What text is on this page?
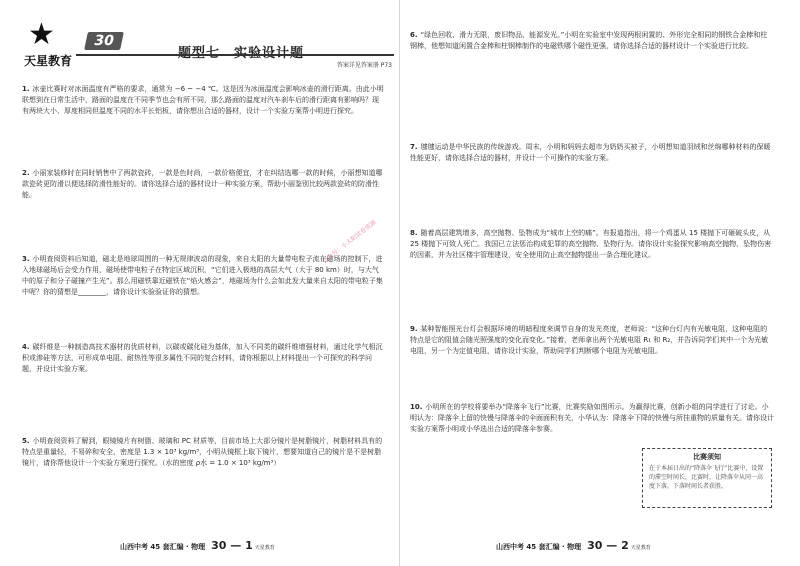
★
天星教育
30
答案详见答案册 P73
1. 冰壶比赛时对冰面温度有严格的要求，通常为 −6 ~ −4 ℃。这是因为冰面温度会影响冰壶的滑行距离。由此小明联想到在日常生活中，路面的温度在不同季节也会有所不同，那么路面的温度对汽车刹车后的滑行距离有影响吗？现有两块大小、厚度相同但温度不同的水平长铝板，请你想出合适的器材，设计一个实验方案帮小明进行探究。
2. 小丽家装修时在同时销售中了两款瓷砖，一款是色时尚，一款价格便宜，才在纠结选哪一款的时候，小丽想知道哪款瓷砖更防滑以便选择防滑性能好的。请你选择合适的器材设计一种实验方案，帮助小丽鉴别比较两款瓷砖的防滑性能。
3. 小明查阅资料后知道，磁北是地球周围的一种无规律波动的现象，来自太阳的大量带电粒子流在磁场的控制下，进入地球磁场后会受力作用，磁场使带电粒子在特定区域沉积，“它们进入极地的高层大气（大于 80 km）时，与大气中的原子和分子碰撞产生光”。那么用磁铁靠近磁铁在“焰火感会”，地磁场为什么会如此发大量来自太阳的带电粒子集中呢？你的猜想是________，请你设计实验验证你的猜想。
4. 碳纤维是一种制造高技术器材的优质材料，以碳或碳化硅为基体，加入不同类的碳纤维增强材料，通过化学气相沉积或渗硅等方法，可形成单电阻、耐热性等很多属性不同的复合材料，请你根据以上材料提出一个可探究的科学问题，并设计实验方案。
5. 小明查阅资料了解到，眼镜镜片有树脂、玻璃和 PC 材质等，目前市场上大部分镜片是树脂镜片，树脂材料具有的特点是重量轻，不易碎和安全，密度是 1.3 × 10³ kg/m³，小明从镜框上取下镜片，想要知道自己的镜片是不是树脂镜片，请你帮他设计一个实验方案进行探究。（水的密度 ρ水 = 1.0 × 10³ kg/m³）
山西中考 45 套汇编 · 物理 30 — 1 天星教育
公众号：小太阳试卷资源
6. “绿色回收、滑力无限，废旧物品、能源发光。”小明在实验室中发现两根闲置的、外形完全相同的钢铁合金棒和柱钢棒，他想知道闲置合金棒和柱钢棒制作的电磁铁哪个磁性更强，请你选择合适的器材设计一个实验进行比较。
7. 毽毽运动是中华民族的传统游戏。周末，小明和妈妈去超市为奶奶买被子，小明想知道羽绒和丝绵哪种材料的保暖性能更好，请你选择合适的器材，并设计一个可操作的实验方案。
8. 随着高层建筑增多，高空抛物、坠物成为“城市上空的痛”。有报道指出，将一个鸡蛋从 15 楼抛下可砸破头皮，从 25 楼抛下可致人死亡。我国已立法惩治构成犯罪的高空抛物、坠物行为。请你设计实验探究影响高空抛物、坠物伤害的因素，并为社区楼宇管理建设，安全使用防止高空抛物提出一条合理化建议。
9. 某种智能照光台灯会根据环境的明暗程度来调节自身的发光亮度，老师说：“这种台灯内有光敏电阻，这种电阻的特点是它的阻值会随光照强度的变化而变化。”接着，老师拿出两个光敏电阻 R₁ 和 R₂，并告诉同学们其中一个为光敏电阻，另一个为定值电阻，请你设计实验，帮助同学们判断哪个电阻为光敏电阻。
10. 小明所在的学校将要举办“降落伞飞行”比赛，比赛奖励如图所示。为赢得比赛，创新小组的同学进行了讨论。小明认为：降落伞上留的快慢与降落伞的伞面面积有关，小华认为：降落伞下降的快慢与所挂重物的质量有关。请你设计实验方案帮小明或小华选出合适的降落伞参赛。
比赛须知
在于本届日出的“降落伞飞行”比赛中，设置的滞空时间长，比赛时，让降落伞从同一高度下落，下落时间长者获胜。
山西中考 45 套汇编 · 物理 30 — 2 天星教育
